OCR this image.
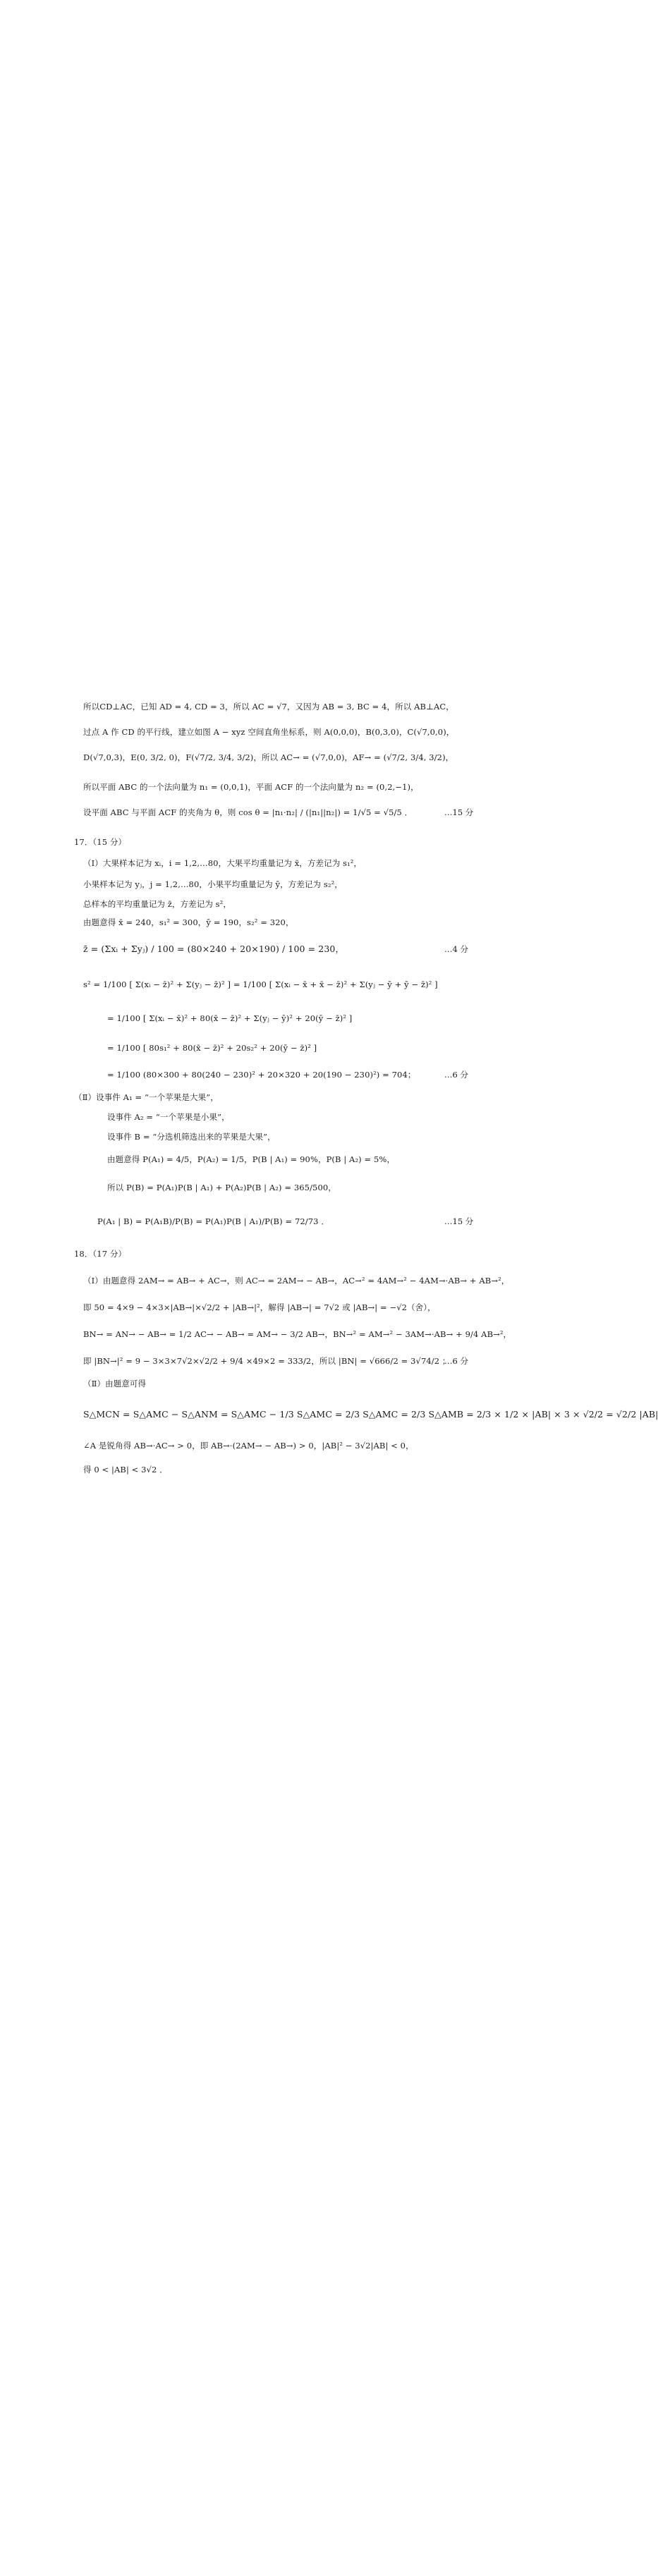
所以CD⊥AC，已知 AD = 4, CD = 3，所以 AC = √7，又因为 AB = 3, BC = 4，所以 AB⊥AC，
过点 A 作 CD 的平行线，建立如图 A − xyz 空间直角坐标系，则 A(0,0,0)，B(0,3,0)，C(√7,0,0)，
D(√7,0,3)，E(0, 3/2, 0)，F(√7/2, 3/4, 3/2)，所以 AC→ = (√7,0,0)，AF→ = (√7/2, 3/4, 3/2)，
所以平面 ABC 的一个法向量为 n₁ = (0,0,1)，平面 ACF 的一个法向量为 n₂ = (0,2,−1)，
设平面 ABC 与平面 ACF 的夹角为 θ，则 cos θ = |n₁·n₂| / (|n₁||n₂|) = 1/√5 = √5/5 ．	…15 分
17．（15 分）
（Ⅰ）大果样本记为 xᵢ，i = 1,2,…80，大果平均重量记为 x̄，方差记为 s₁²，
小果样本记为 yⱼ，j = 1,2,…80，小果平均重量记为 ȳ，方差记为 s₂²，
总样本的平均重量记为 z̄，方差记为 s²，
由题意得 x̄ = 240，s₁² = 300，ȳ = 190，s₂² = 320，
z̄ = (Σxᵢ + Σyⱼ) / 100 = (80×240 + 20×190) / 100 = 230，	…4 分
s² = 1/100 [ Σ(xᵢ − z̄)² + Σ(yⱼ − z̄)² ] = 1/100 [ Σ(xᵢ − x̄ + x̄ − z̄)² + Σ(yⱼ − ȳ + ȳ − z̄)² ]
= 1/100 [ Σ(xᵢ − x̄)² + 80(x̄ − z̄)² + Σ(yⱼ − ȳ)² + 20(ȳ − z̄)² ]
= 1/100 [ 80s₁² + 80(x̄ − z̄)² + 20s₂² + 20(ȳ − z̄)² ]
= 1/100 (80×300 + 80(240 − 230)² + 20×320 + 20(190 − 230)²) = 704；	…6 分
（Ⅱ）设事件 A₁ = “一个苹果是大果”，
设事件 A₂ = “一个苹果是小果”，
设事件 B = “分选机筛选出来的苹果是大果”，
由题意得 P(A₁) = 4/5，P(A₂) = 1/5，P(B | A₁) = 90%，P(B | A₂) = 5%，
所以 P(B) = P(A₁)P(B | A₁) + P(A₂)P(B | A₂) = 365/500，
P(A₁ | B) = P(A₁B)/P(B) = P(A₁)P(B | A₁)/P(B) = 72/73 ．	…15 分
18．（17 分）
（Ⅰ）由题意得 2AM→ = AB→ + AC→，则 AC→ = 2AM→ − AB→，AC→² = 4AM→² − 4AM→·AB→ + AB→²，
即 50 = 4×9 − 4×3×|AB→|×√2/2 + |AB→|²，解得 |AB→| = 7√2 或 |AB→| = −√2（舍），
BN→ = AN→ − AB→ = 1/2 AC→ − AB→ = AM→ − 3/2 AB→，BN→² = AM→² − 3AM→·AB→ + 9/4 AB→²，
即 |BN→|² = 9 − 3×3×7√2×√2/2 + 9/4 ×49×2 = 333/2，所以 |BN| = √666/2 = 3√74/2 ；
…6 分
（Ⅱ）由题意可得
S△MCN = S△AMC − S△ANM = S△AMC − 1/3 S△AMC = 2/3 S△AMC = 2/3 S△AMB = 2/3 × 1/2 × |AB| × 3 × √2/2 = √2/2 |AB|
∠A 是锐角得 AB→·AC→ > 0，即 AB→·(2AM→ − AB→) > 0，|AB|² − 3√2|AB| < 0，
得 0 < |AB| < 3√2 ．
